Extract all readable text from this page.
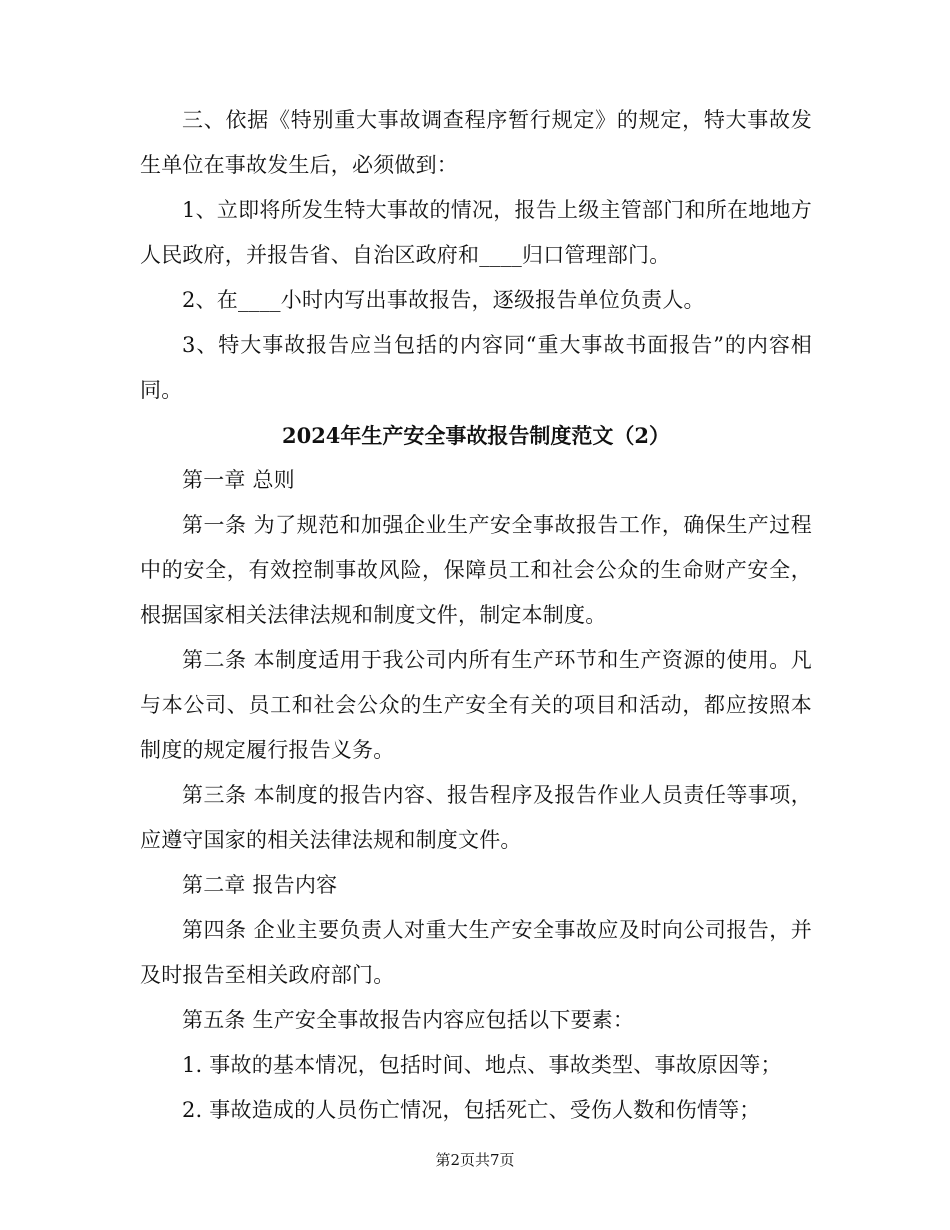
三、依据《特别重大事故调查程序暂行规定》的规定，特大事故发生单位在事故发生后，必须做到：

1、立即将所发生特大事故的情况，报告上级主管部门和所在地地方人民政府，并报告省、自治区政府和____归口管理部门。

2、在____小时内写出事故报告，逐级报告单位负责人。

3、特大事故报告应当包括的内容同“重大事故书面报告”的内容相同。

2024年生产安全事故报告制度范文（2）

第一章 总则

第一条 为了规范和加强企业生产安全事故报告工作，确保生产过程中的安全，有效控制事故风险，保障员工和社会公众的生命财产安全，根据国家相关法律法规和制度文件，制定本制度。

第二条 本制度适用于我公司内所有生产环节和生产资源的使用。凡与本公司、员工和社会公众的生产安全有关的项目和活动，都应按照本制度的规定履行报告义务。

第三条 本制度的报告内容、报告程序及报告作业人员责任等事项，应遵守国家的相关法律法规和制度文件。

第二章 报告内容

第四条 企业主要负责人对重大生产安全事故应及时向公司报告，并及时报告至相关政府部门。

第五条 生产安全事故报告内容应包括以下要素：

1. 事故的基本情况，包括时间、地点、事故类型、事故原因等；

2. 事故造成的人员伤亡情况，包括死亡、受伤人数和伤情等；

第2页共7页
